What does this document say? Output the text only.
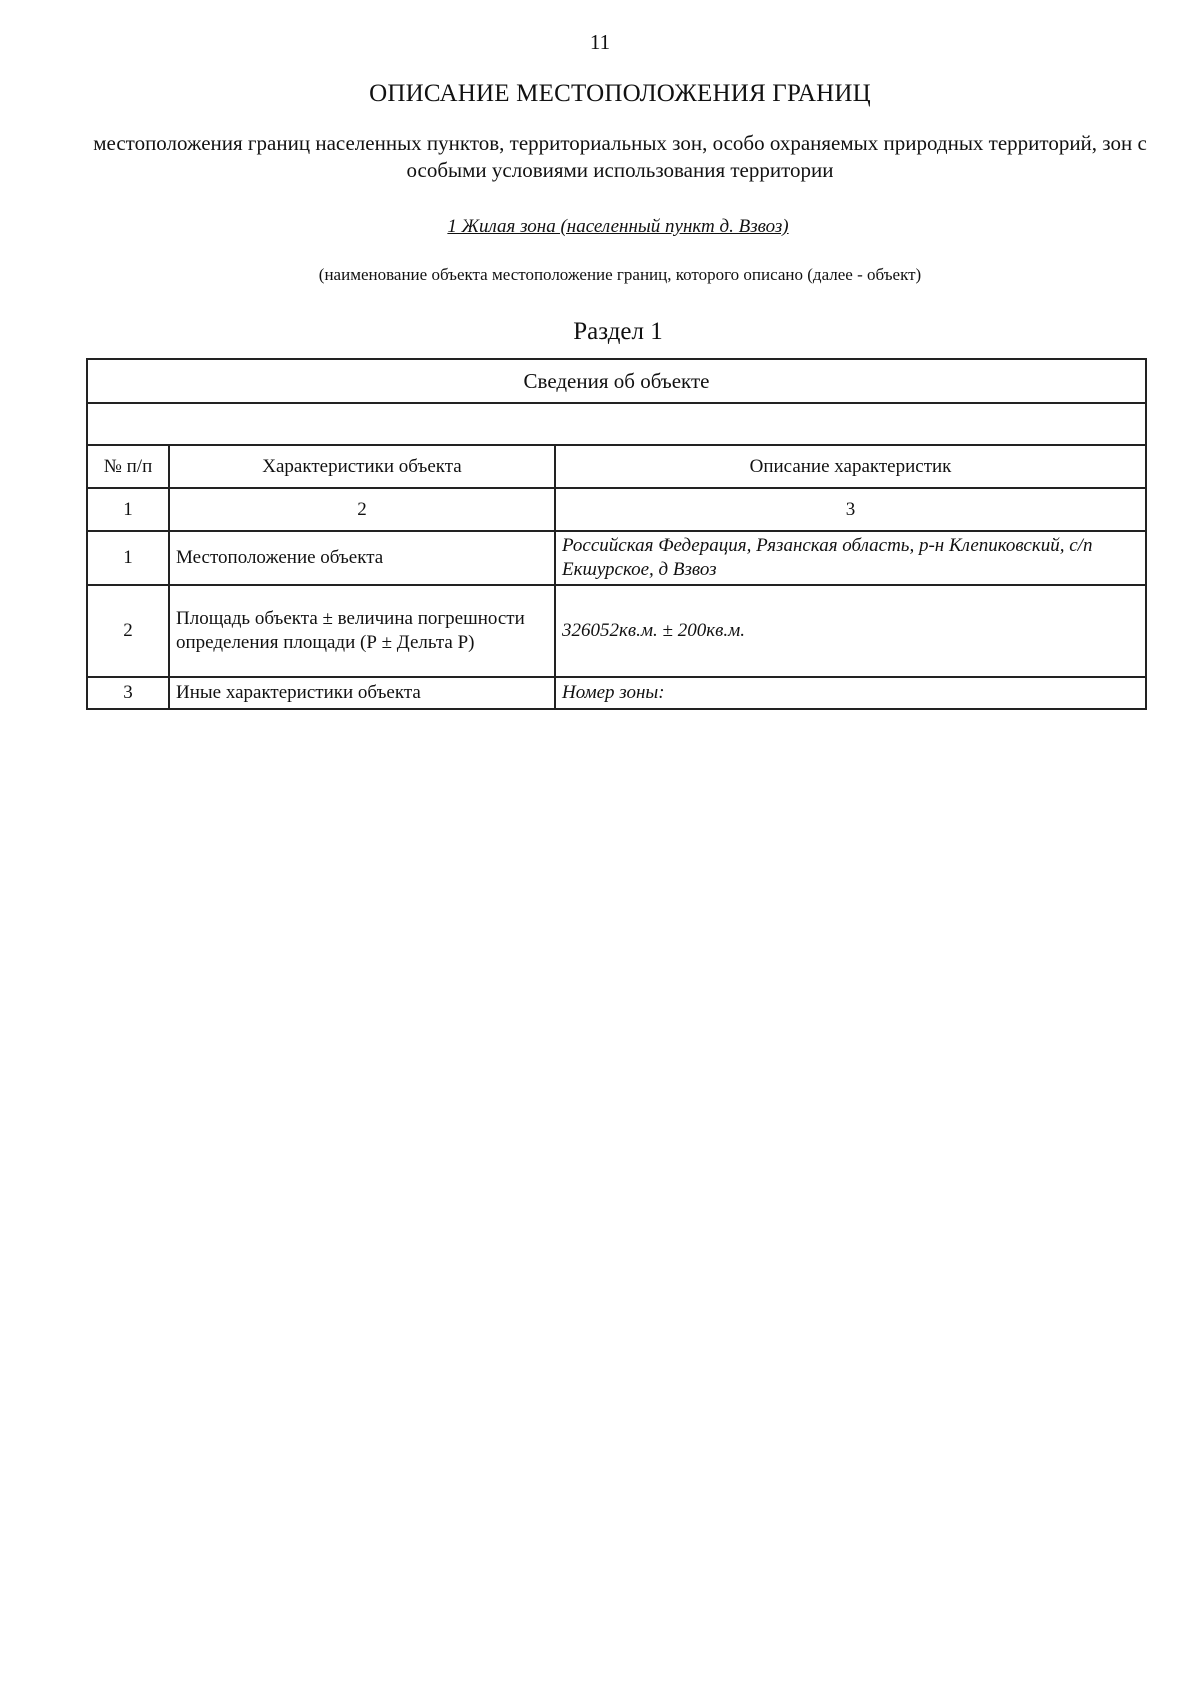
11
ОПИСАНИЕ МЕСТОПОЛОЖЕНИЯ ГРАНИЦ
местоположения границ населенных пунктов, территориальных зон, особо охраняемых природных территорий, зон с особыми условиями использования территории
1 Жилая зона (населенный пункт д. Взвоз)
(наименование объекта местоположение границ, которого описано (далее - объект)
Раздел 1
Сведения об объекте		

№ п/п	Характеристики объекта	Описание характеристик
1	2	3
1	Местоположение объекта	Российская Федерация, Рязанская область, р-н Клепиковский, с/п Екшурское, д Взвоз
2	Площадь объекта ± величина погрешности определения площади (Р ± Дельта Р)	326052кв.м. ± 200кв.м.
3	Иные характеристики объекта	Номер зоны:
